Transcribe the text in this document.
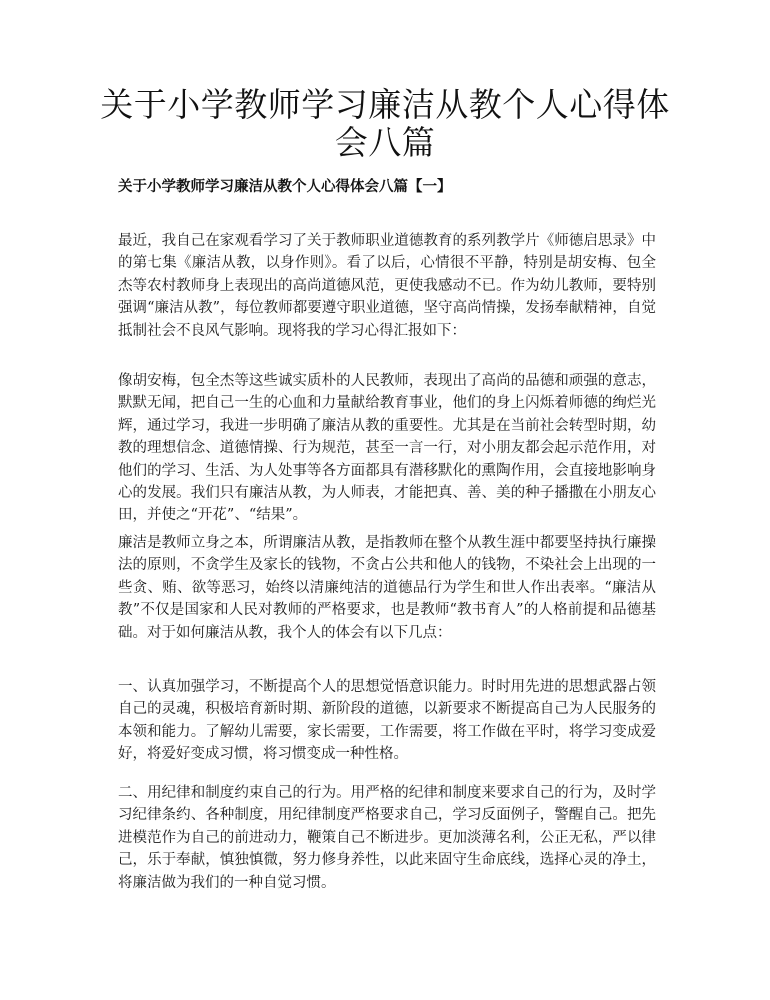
关于小学教师学习廉洁从教个人心得体会八篇
关于小学教师学习廉洁从教个人心得体会八篇【一】

最近，我自己在家观看学习了关于教师职业道德教育的系列教学片《师德启思录》中的第七集《廉洁从教，以身作则》。看了以后，心情很不平静，特别是胡安梅、包全杰等农村教师身上表现出的高尚道德风范，更使我感动不已。作为幼儿教师，要特别强调“廉洁从教”，每位教师都要遵守职业道德，坚守高尚情操，发扬奉献精神，自觉抵制社会不良风气影响。现将我的学习心得汇报如下：

像胡安梅，包全杰等这些诚实质朴的人民教师，表现出了高尚的品德和顽强的意志，默默无闻，把自己一生的心血和力量献给教育事业，他们的身上闪烁着师德的绚烂光辉，通过学习，我进一步明确了廉洁从教的重要性。尤其是在当前社会转型时期，幼教的理想信念、道德情操、行为规范，甚至一言一行，对小朋友都会起示范作用，对他们的学习、生活、为人处事等各方面都具有潜移默化的熏陶作用，会直接地影响身心的发展。我们只有廉洁从教，为人师表，才能把真、善、美的种子播撒在小朋友心田，并使之“开花”、“结果”。

廉洁是教师立身之本，所谓廉洁从教，是指教师在整个从教生涯中都要坚持执行廉操法的原则，不贪学生及家长的钱物，不贪占公共和他人的钱物，不染社会上出现的一些贪、贿、欲等恶习，始终以清廉纯洁的道德品行为学生和世人作出表率。“廉洁从教”不仅是国家和人民对教师的严格要求，也是教师“教书育人”的人格前提和品德基础。对于如何廉洁从教，我个人的体会有以下几点：

一、认真加强学习，不断提高个人的思想觉悟意识能力。时时用先进的思想武器占领自己的灵魂，积极培育新时期、新阶段的道德，以新要求不断提高自己为人民服务的本领和能力。了解幼儿需要，家长需要，工作需要，将工作做在平时，将学习变成爱好，将爱好变成习惯，将习惯变成一种性格。

二、用纪律和制度约束自己的行为。用严格的纪律和制度来要求自己的行为，及时学习纪律条约、各种制度，用纪律制度严格要求自己，学习反面例子，警醒自己。把先进模范作为自己的前进动力，鞭策自己不断进步。更加淡薄名利，公正无私，严以律己，乐于奉献，慎独慎微，努力修身养性，以此来固守生命底线，选择心灵的净土，将廉洁做为我们的一种自觉习惯。
